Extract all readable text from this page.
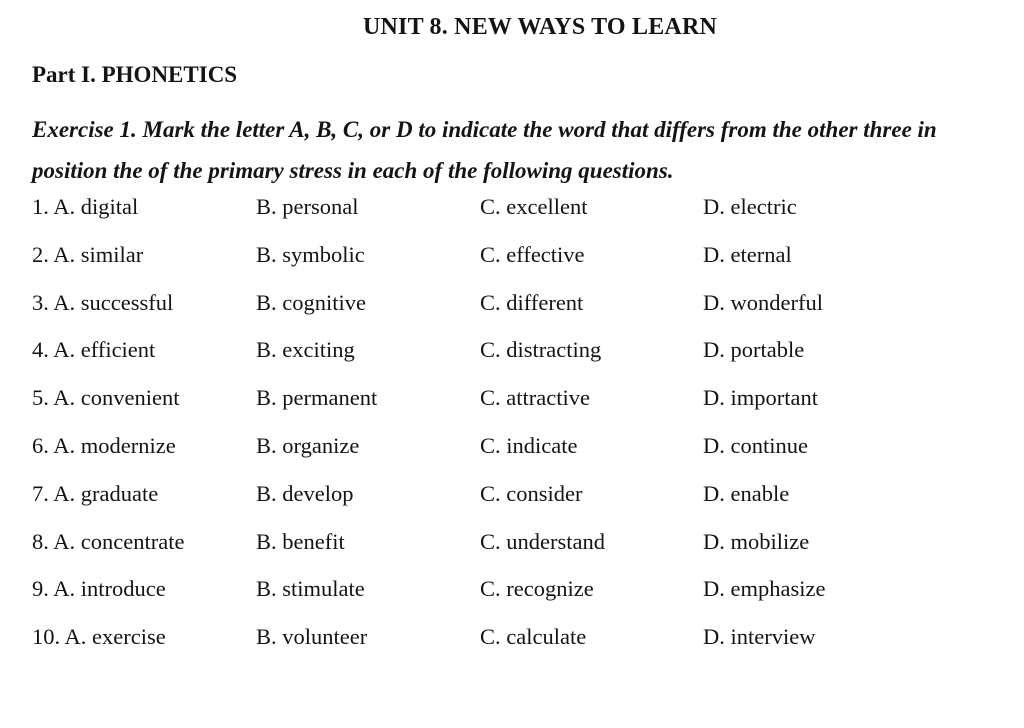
UNIT 8. NEW WAYS TO LEARN
Part I. PHONETICS
Exercise 1. Mark the letter A, B, C, or D to indicate the word that differs from the other three in position the of the primary stress in each of the following questions.
1. A. digital	B. personal	C. excellent	D. electric
2. A. similar	B. symbolic	C. effective	D. eternal
3. A. successful	B. cognitive	C. different	D. wonderful
4. A. efficient	B. exciting	C. distracting	D. portable
5. A. convenient	B. permanent	C. attractive	D. important
6. A. modernize	B. organize	C. indicate	D. continue
7. A. graduate	B. develop	C. consider	D. enable
8. A. concentrate	B. benefit	C. understand	D. mobilize
9. A. introduce	B. stimulate	C. recognize	D. emphasize
10. A. exercise	B. volunteer	C. calculate	D. interview
